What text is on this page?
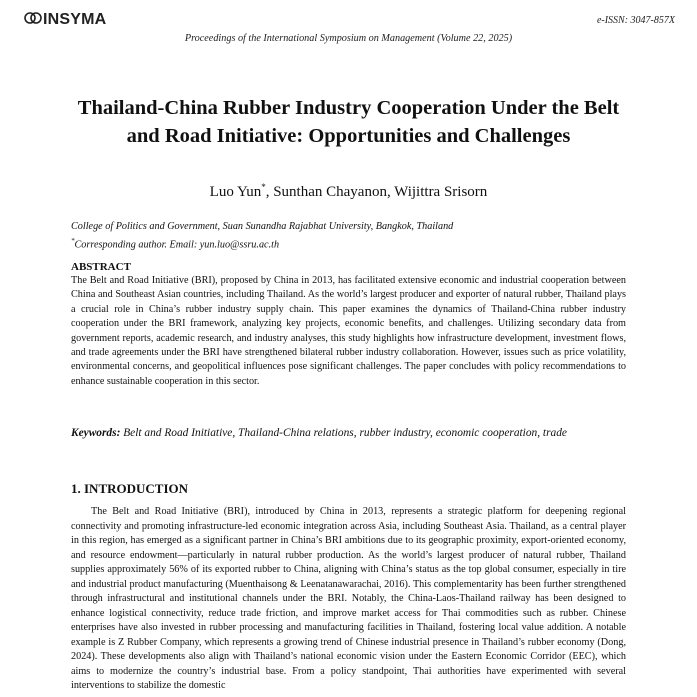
INSYMA	e-ISSN: 3047-857X
Proceedings of the International Symposium on Management (Volume 22, 2025)
Thailand-China Rubber Industry Cooperation Under the Belt and Road Initiative: Opportunities and Challenges
Luo Yun*, Sunthan Chayanon, Wijittra Srisorn
College of Politics and Government, Suan Sunandha Rajabhat University, Bangkok, Thailand
*Corresponding author. Email: yun.luo@ssru.ac.th
ABSTRACT
The Belt and Road Initiative (BRI), proposed by China in 2013, has facilitated extensive economic and industrial cooperation between China and Southeast Asian countries, including Thailand. As the world’s largest producer and exporter of natural rubber, Thailand plays a crucial role in China’s rubber industry supply chain. This paper examines the dynamics of Thailand-China rubber industry cooperation under the BRI framework, analyzing key projects, economic benefits, and challenges. Utilizing secondary data from government reports, academic research, and industry analyses, this study highlights how infrastructure development, investment flows, and trade agreements under the BRI have strengthened bilateral rubber industry collaboration. However, issues such as price volatility, environmental concerns, and geopolitical influences pose significant challenges. The paper concludes with policy recommendations to enhance sustainable cooperation in this sector.
Keywords: Belt and Road Initiative, Thailand-China relations, rubber industry, economic cooperation, trade
1. INTRODUCTION
The Belt and Road Initiative (BRI), introduced by China in 2013, represents a strategic platform for deepening regional connectivity and promoting infrastructure-led economic integration across Asia, including Southeast Asia. Thailand, as a central player in this region, has emerged as a significant partner in China’s BRI ambitions due to its geographic proximity, export-oriented economy, and resource endowment—particularly in natural rubber production. As the world’s largest producer of natural rubber, Thailand supplies approximately 56% of its exported rubber to China, aligning with China’s status as the top global consumer, especially in tire and industrial product manufacturing (Muenthaisong & Leenatanawarachai, 2016). This complementarity has been further strengthened through infrastructural and institutional channels under the BRI. Notably, the China-Laos-Thailand railway has been designed to enhance logistical connectivity, reduce trade friction, and improve market access for Thai commodities such as rubber. Chinese enterprises have also invested in rubber processing and manufacturing facilities in Thailand, fostering local value addition. A notable example is Z Rubber Company, which represents a growing trend of Chinese industrial presence in Thailand’s rubber economy (Dong, 2024). These developments also align with Thailand’s national economic vision under the Eastern Economic Corridor (EEC), which aims to modernize the country’s industrial base. From a policy standpoint, Thai authorities have experimented with several interventions to stabilize the domestic
